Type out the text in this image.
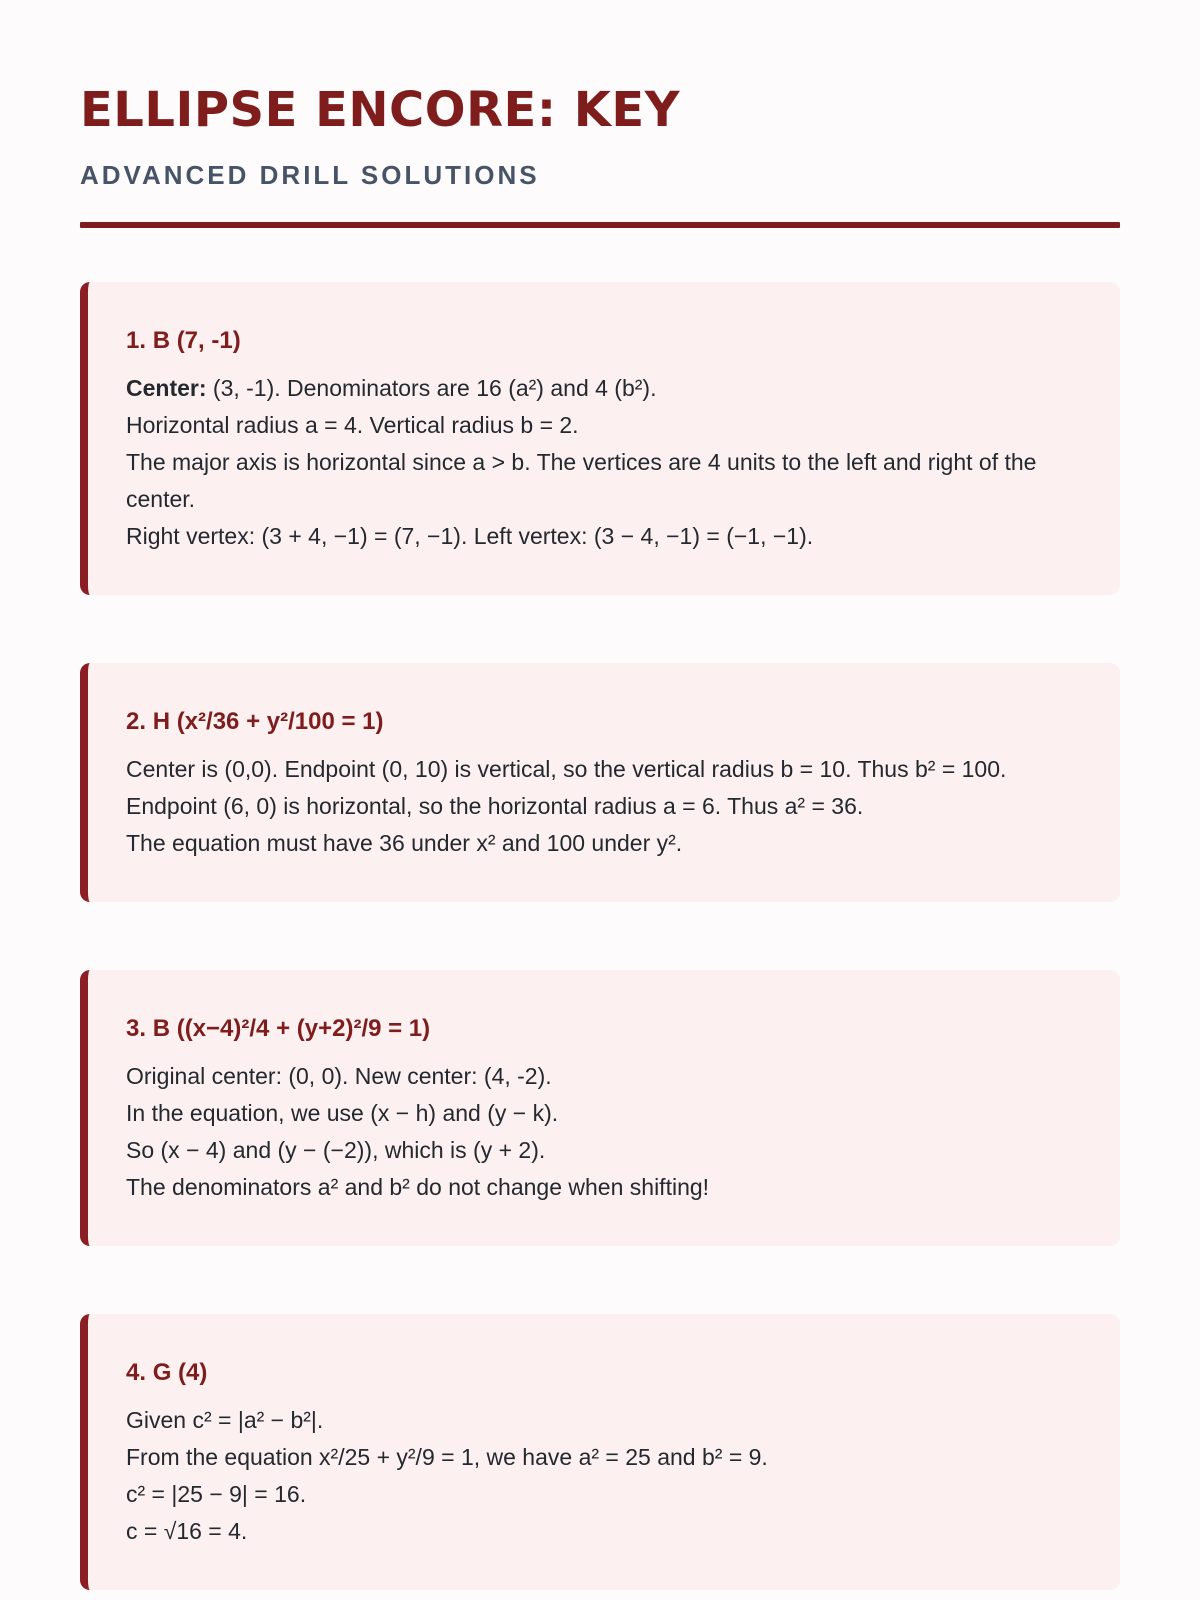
ELLIPSE ENCORE: KEY
ADVANCED DRILL SOLUTIONS
1. B (7, -1)

Center: (3, -1). Denominators are 16 (a²) and 4 (b²).

Horizontal radius a = 4. Vertical radius b = 2.

The major axis is horizontal since a > b. The vertices are 4 units to the left and right of the center.

Right vertex: (3 + 4, −1) = (7, −1). Left vertex: (3 − 4, −1) = (−1, −1).

2. H (x²/36 + y²/100 = 1)

Center is (0,0). Endpoint (0, 10) is vertical, so the vertical radius b = 10. Thus b² = 100.

Endpoint (6, 0) is horizontal, so the horizontal radius a = 6. Thus a² = 36.

The equation must have 36 under x² and 100 under y².

3. B ((x−4)²/4 + (y+2)²/9 = 1)

Original center: (0, 0). New center: (4, -2).

In the equation, we use (x − h) and (y − k).

So (x − 4) and (y − (−2)), which is (y + 2).

The denominators a² and b² do not change when shifting!

4. G (4)

Given c² = |a² − b²|.

From the equation x²/25 + y²/9 = 1, we have a² = 25 and b² = 9.

c² = |25 − 9| = 16.

c = √16 = 4.
